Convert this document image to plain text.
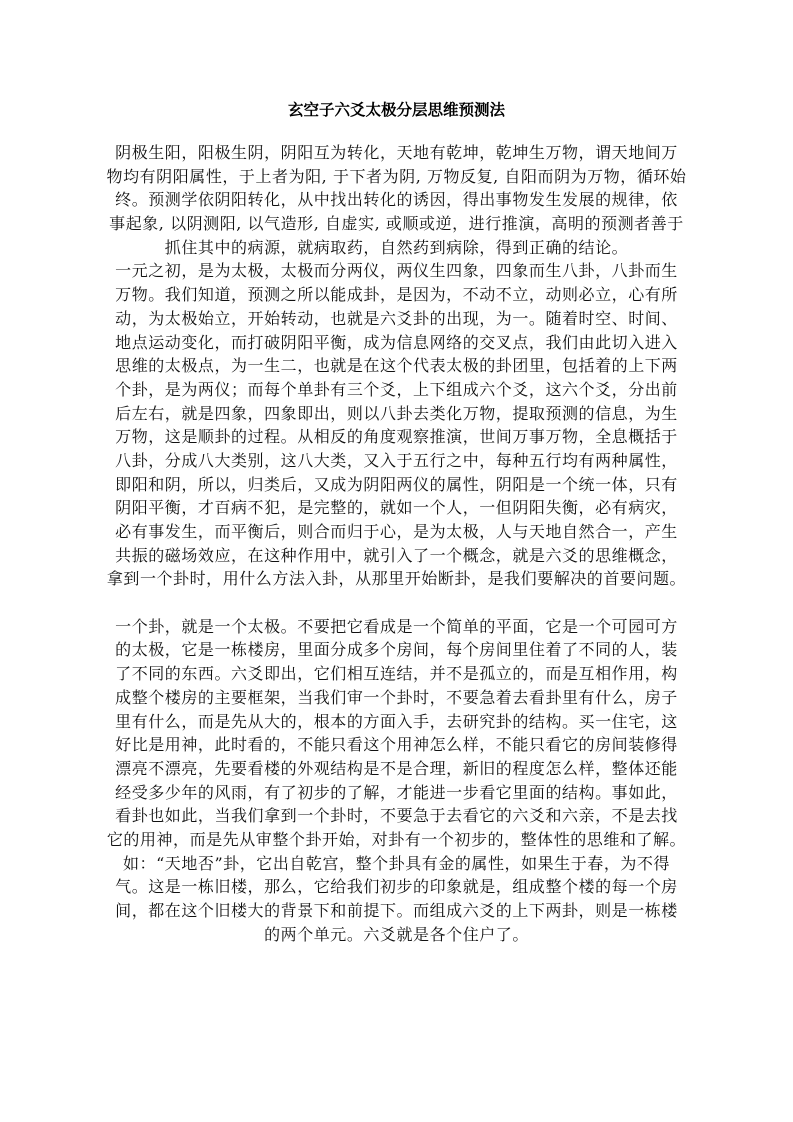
玄空子六爻太极分层思维预测法
阴极生阳，阳极生阴，阴阳互为转化，天地有乾坤，乾坤生万物，谓天地间万
物均有阴阳属性，于上者为阳, 于下者为阴, 万物反复, 自阳而阴为万物，循环始
终。预测学依阴阳转化，从中找出转化的诱因，得出事物发生发展的规律，依
事起象, 以阴测阳, 以气造形, 自虚实, 或顺或逆，进行推演，高明的预测者善于
抓住其中的病源，就病取药，自然药到病除，得到正确的结论。
一元之初，是为太极，太极而分两仪，两仪生四象，四象而生八卦，八卦而生
万物。我们知道，预测之所以能成卦，是因为，不动不立，动则必立，心有所
动，为太极始立，开始转动，也就是六爻卦的出现，为一。随着时空、时间、
地点运动变化，而打破阴阳平衡，成为信息网络的交叉点，我们由此切入进入
思维的太极点，为一生二，也就是在这个代表太极的卦团里，包括着的上下两
个卦，是为两仪；而每个单卦有三个爻，上下组成六个爻，这六个爻，分出前
后左右，就是四象，四象即出，则以八卦去类化万物，提取预测的信息，为生
万物，这是顺卦的过程。从相反的角度观察推演，世间万事万物，全息概括于
八卦，分成八大类别，这八大类，又入于五行之中，每种五行均有两种属性，
即阳和阴，所以，归类后，又成为阴阳两仪的属性，阴阳是一个统一体，只有
阴阳平衡，才百病不犯，是完整的，就如一个人，一但阴阳失衡，必有病灾，
必有事发生，而平衡后，则合而归于心，是为太极，人与天地自然合一，产生
共振的磁场效应，在这种作用中，就引入了一个概念，就是六爻的思维概念，
拿到一个卦时，用什么方法入卦，从那里开始断卦，是我们要解决的首要问题。
一个卦，就是一个太极。不要把它看成是一个简单的平面，它是一个可园可方
的太极，它是一栋楼房，里面分成多个房间，每个房间里住着了不同的人，装
了不同的东西。六爻即出，它们相互连结，并不是孤立的，而是互相作用，构
成整个楼房的主要框架，当我们审一个卦时，不要急着去看卦里有什么，房子
里有什么，而是先从大的，根本的方面入手，去研究卦的结构。买一住宅，这
好比是用神，此时看的，不能只看这个用神怎么样，不能只看它的房间装修得
漂亮不漂亮，先要看楼的外观结构是不是合理，新旧的程度怎么样，整体还能
经受多少年的风雨，有了初步的了解，才能进一步看它里面的结构。事如此，
看卦也如此，当我们拿到一个卦时，不要急于去看它的六爻和六亲，不是去找
它的用神，而是先从审整个卦开始，对卦有一个初步的，整体性的思维和了解。
如：“天地否”卦，它出自乾宫，整个卦具有金的属性，如果生于春，为不得
气。这是一栋旧楼，那么，它给我们初步的印象就是，组成整个楼的每一个房
间，都在这个旧楼大的背景下和前提下。而组成六爻的上下两卦，则是一栋楼
的两个单元。六爻就是各个住户了。
